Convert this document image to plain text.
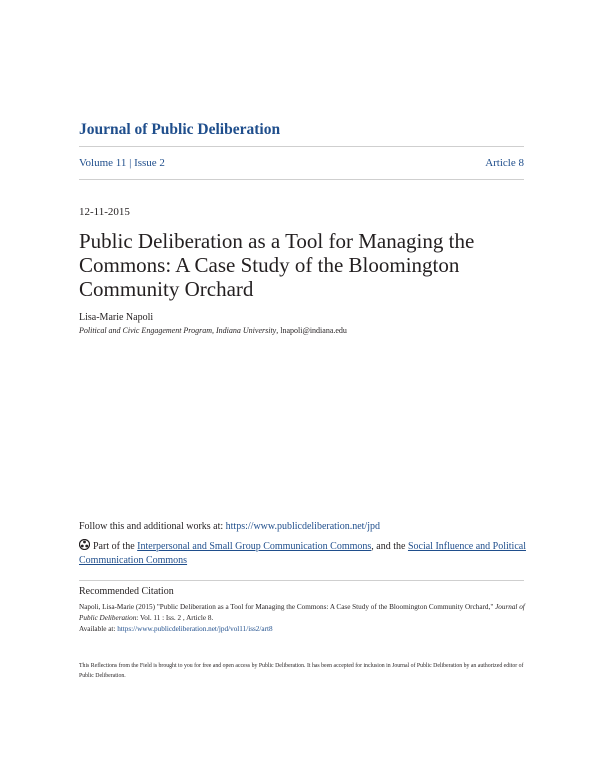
Journal of Public Deliberation
Volume 11 | Issue 2	Article 8
12-11-2015
Public Deliberation as a Tool for Managing the Commons: A Case Study of the Bloomington Community Orchard
Lisa-Marie Napoli
Political and Civic Engagement Program, Indiana University, lnapoli@indiana.edu
Follow this and additional works at: https://www.publicdeliberation.net/jpd
Part of the Interpersonal and Small Group Communication Commons, and the Social Influence and Political Communication Commons
Recommended Citation
Napoli, Lisa-Marie (2015) "Public Deliberation as a Tool for Managing the Commons: A Case Study of the Bloomington Community Orchard," Journal of Public Deliberation: Vol. 11 : Iss. 2 , Article 8.
Available at: https://www.publicdeliberation.net/jpd/vol11/iss2/art8
This Reflections from the Field is brought to you for free and open access by Public Deliberation. It has been accepted for inclusion in Journal of Public Deliberation by an authorized editor of Public Deliberation.
